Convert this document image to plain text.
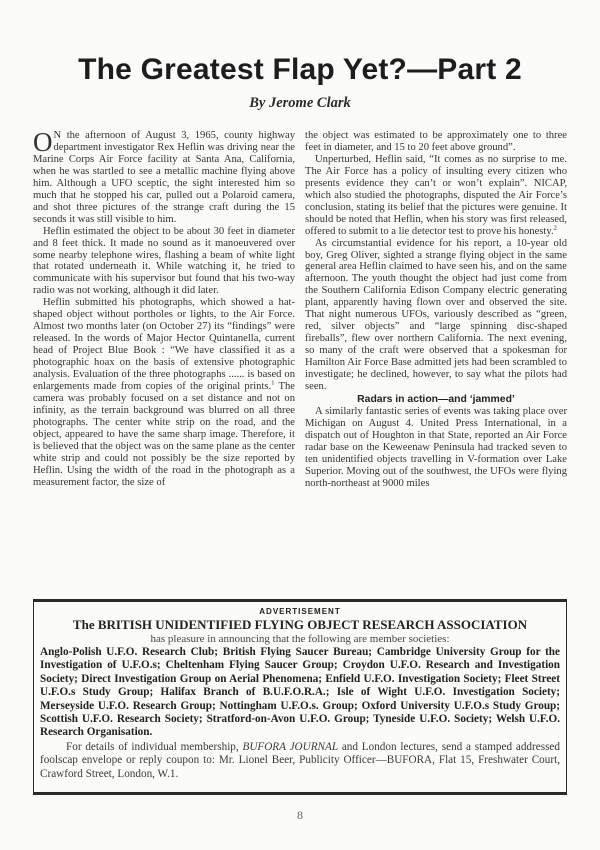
The Greatest Flap Yet?—Part 2
By Jerome Clark

O N the afternoon of August 3, 1965, county highway department investigator Rex Heflin was driving near the Marine Corps Air Force facility at Santa Ana, California, when he was startled to see a metallic machine flying above him. Although a UFO sceptic, the sight interested him so much that he stopped his car, pulled out a Polaroid camera, and shot three pictures of the strange craft during the 15 seconds it was still visible to him.

Heflin estimated the object to be about 30 feet in diameter and 8 feet thick. It made no sound as it manoeuvered over some nearby telephone wires, flashing a beam of white light that rotated underneath it. While watching it, he tried to communicate with his supervisor but found that his two-way radio was not working, although it did later.

Heflin submitted his photographs, which showed a hat-shaped object without portholes or lights, to the Air Force. Almost two months later (on October 27) its “findings” were released. In the words of Major Hector Quintanella, current head of Project Blue Book : “We have classified it as a photographic hoax on the basis of extensive photographic analysis. Evaluation of the three photographs ...... is based on enlargements made from copies of the original prints.$^1$ The camera was probably focused on a set distance and not on infinity, as the terrain background was blurred on all three photographs. The center white strip on the road, and the object, appeared to have the same sharp image. Therefore, it is believed that the object was on the same plane as the center white strip and could not possibly be the size reported by Heflin. Using the width of the road in the photograph as a measurement factor, the size of

the object was estimated to be approximately one to three feet in diameter, and 15 to 20 feet above ground”.

Unperturbed, Heflin said, “It comes as no surprise to me. The Air Force has a policy of insulting every citizen who presents evidence they can’t or won’t explain”. NICAP, which also studied the photographs, disputed the Air Force’s conclusion, stating its belief that the pictures were genuine. It should be noted that Heflin, when his story was first released, offered to submit to a lie detector test to prove his honesty.$^2$

As circumstantial evidence for his report, a 10-year old boy, Greg Oliver, sighted a strange flying object in the same general area Heflin claimed to have seen his, and on the same afternoon. The youth thought the object had just come from the Southern California Edison Company electric generating plant, apparently having flown over and observed the site. That night numerous UFOs, variously described as “green, red, silver objects” and “large spinning disc-shaped fireballs”, flew over northern California. The next evening, so many of the craft were observed that a spokesman for Hamilton Air Force Base admitted jets had been scrambled to investigate; he declined, however, to say what the pilots had seen.

Radars in action—and ‘jammed’

A similarly fantastic series of events was taking place over Michigan on August 4. United Press International, in a dispatch out of Houghton in that State, reported an Air Force radar base on the Keweenaw Peninsula had tracked seven to ten unidentified objects travelling in V-formation over Lake Superior. Moving out of the southwest, the UFOs were flying north-northeast at 9000 miles

ADVERTISEMENT
The BRITISH UNIDENTIFIED FLYING OBJECT RESEARCH ASSOCIATION
has pleasure in announcing that the following are member societies:
Anglo-Polish U.F.O. Research Club; British Flying Saucer Bureau; Cambridge University Group for the Investigation of U.F.O.s; Cheltenham Flying Saucer Group; Croydon U.F.O. Research and Investigation Society; Direct Investigation Group on Aerial Phenomena; Enfield U.F.O. Investigation Society; Fleet Street U.F.O.s Study Group; Halifax Branch of B.U.F.O.R.A.; Isle of Wight U.F.O. Investigation Society; Merseyside U.F.O. Research Group; Nottingham U.F.O.s. Group; Oxford University U.F.O.s Study Group; Scottish U.F.O. Research Society; Stratford-on-Avon U.F.O. Group; Tyneside U.F.O. Society; Welsh U.F.O. Research Organisation.
For details of individual membership, BUFORA JOURNAL and London lectures, send a stamped addressed foolscap envelope or reply coupon to: Mr. Lionel Beer, Publicity Officer—BUFORA, Flat 15, Freshwater Court, Crawford Street, London, W.1.
8
